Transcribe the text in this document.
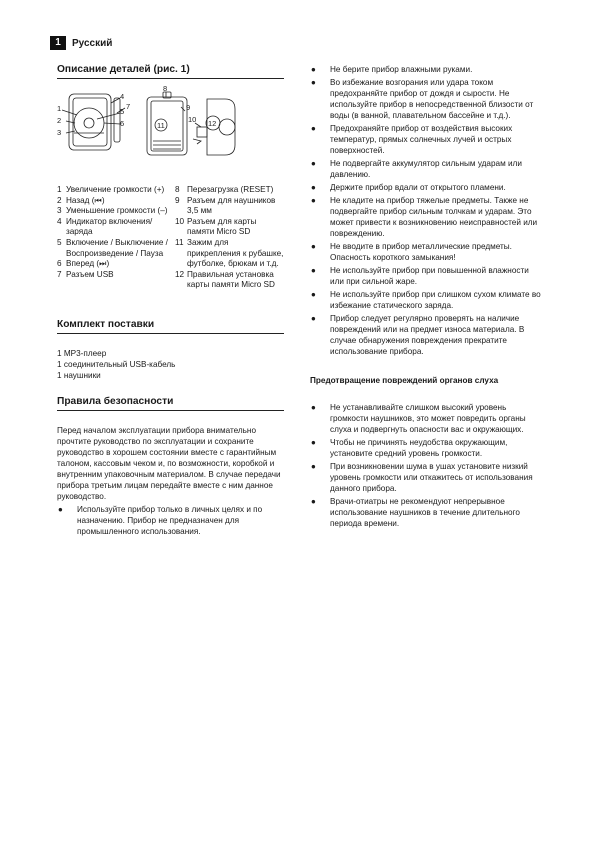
1	Русский
Описание деталей (рис. 1)
1
2
3
4
5
6
7
8
9
10
11	12
1 Увеличение громкости (+)
2 Назад (⏮)
3 Уменьшение громкости (–)
4 Индикатор включения/заряда
5 Включение / Выключение / Воспроизведение / Пауза
6 Вперед (⏭)
7 Разъем USB
8 Перезагрузка (RESET)
9 Разъем для наушников 3,5 мм
10 Разъем для карты памяти Micro SD
11 Зажим для прикрепления к рубашке, футболке, брюкам и т.д.
12 Правильная установка карты памяти Micro SD
Комплект поставки
1 MP3-плеер
1 соединительный USB-кабель
1 наушники
Правила безопасности

Перед началом эксплуатации прибора внимательно прочтите руководство по эксплуатации и сохраните руководство в хорошем состоянии вместе с гарантийным талоном, кассовым чеком и, по возможности, коробкой и внутренним упаковочным материалом. В случае передачи прибора третьим лицам передайте вместе с ним данное руководство.

● Используйте прибор только в личных целях и по назначению. Прибор не предназначен для промышленного использования.
● Не берите прибор влажными руками.
● Во избежание возгорания или удара током предохраняйте прибор от дождя и сырости. Не используйте прибор в непосредственной близости от воды (в ванной, плавательном бассейне и т.д.).
● Предохраняйте прибор от воздействия высоких температур, прямых солнечных лучей и острых поверхностей.
● Не подвергайте аккумулятор сильным ударам или давлению.
● Держите прибор вдали от открытого пламени.
● Не кладите на прибор тяжелые предметы. Также не подвергайте прибор сильным толчкам и ударам. Это может привести к возникновению неисправностей или повреждению.
● Не вводите в прибор металлические предметы. Опасность короткого замыкания!
● Не используйте прибор при повышенной влажности или при сильной жаре.
● Не используйте прибор при слишком сухом климате во избежание статического заряда.
● Прибор следует регулярно проверять на наличие повреждений или на предмет износа материала. В случае обнаружения повреждения прекратите использование прибора.
Предотвращение повреждений органов слуха
● Не устанавливайте слишком высокий уровень громкости наушников, это может повредить органы слуха и подвергнуть опасности вас и окружающих.
● Чтобы не причинять неудобства окружающим, установите средний уровень громкости.
● При возникновении шума в ушах установите низкий уровень громкости или откажитесь от использования данного прибора.
● Врачи-отиатры не рекомендуют непрерывное использование наушников в течение длительного периода времени.
